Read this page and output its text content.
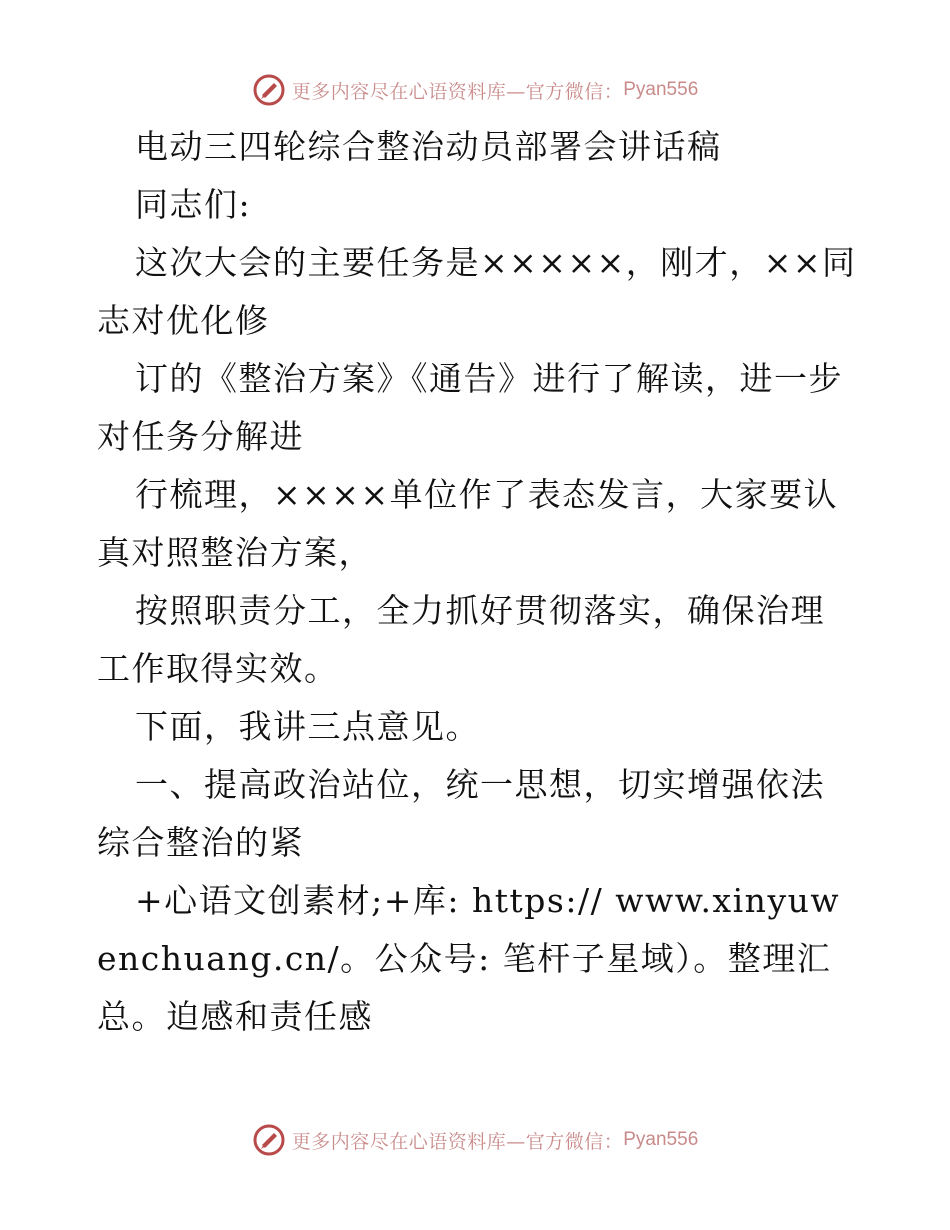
更多内容尽在心语资料库—官方微信： Pyan556

电动三四轮综合整治动员部署会讲话稿

同志们:

这次大会的主要任务是×××××，刚才，××同志对优化修

订的《整治方案》《通告》进行了解读，进一步对任务分解进

行梳理，××××单位作了表态发言，大家要认真对照整治方案，

按照职责分工，全力抓好贯彻落实，确保治理工作取得实效。

下面，我讲三点意见。

一、提高政治站位，统一思想，切实增强依法综合整治的紧

+心语文创素材;+库: https:// www.xinyuwenchuang.cn/。公众号: 笔杆子星域）。整理汇总。迫感和责任感

更多内容尽在心语资料库—官方微信： Pyan556
